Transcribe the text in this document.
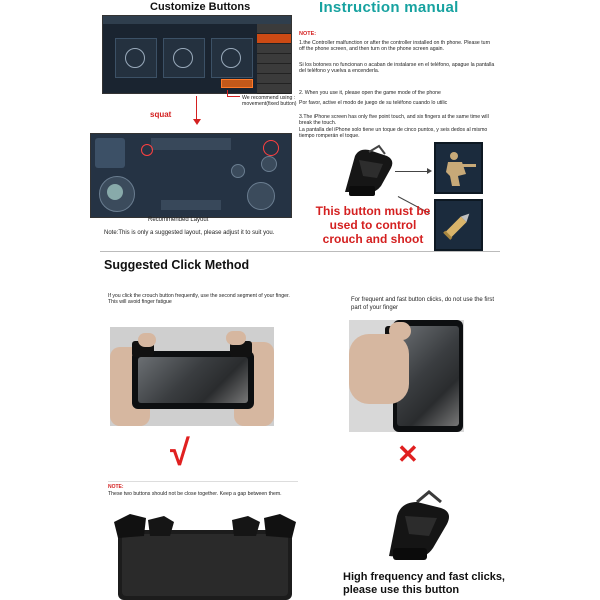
Customize Buttons

We recommend using : movement(fixed button)
squat
Recommended Layout
Note:This is only a suggested layout, please adjust it to suit you.
Instruction manual
NOTE:
1.the Controller malfunction or after the controller installed on th phone. Please turn off the phone screen, and then turn on the phone screen again.
Si los botones no funcionan o acaban de instalarse en el teléfono, apague la pantalla del teléfono y vuelva a encenderla.
2. When you use it, please open the game mode of the phone
Por favor, active el modo de juego de su teléfono cuando lo utilic
3.The iPhone screen has only five point touch, and six fingers at the same time will break the touch.
La pantalla del iPhone solo tiene un toque de cinco puntos, y seis dedos al mismo tiempo romperán el toque.
This button must be used to control crouch and shoot
Suggested Click Method
If you click the crouch button frequently, use the second segment of your finger. This will avoid finger fatigue	For frequent and fast button clicks, do not use the first part of your finger
√	✕
NOTE:
These two buttons should not be close together. Keep a gap between them.
High frequency and fast clicks, please use this button
